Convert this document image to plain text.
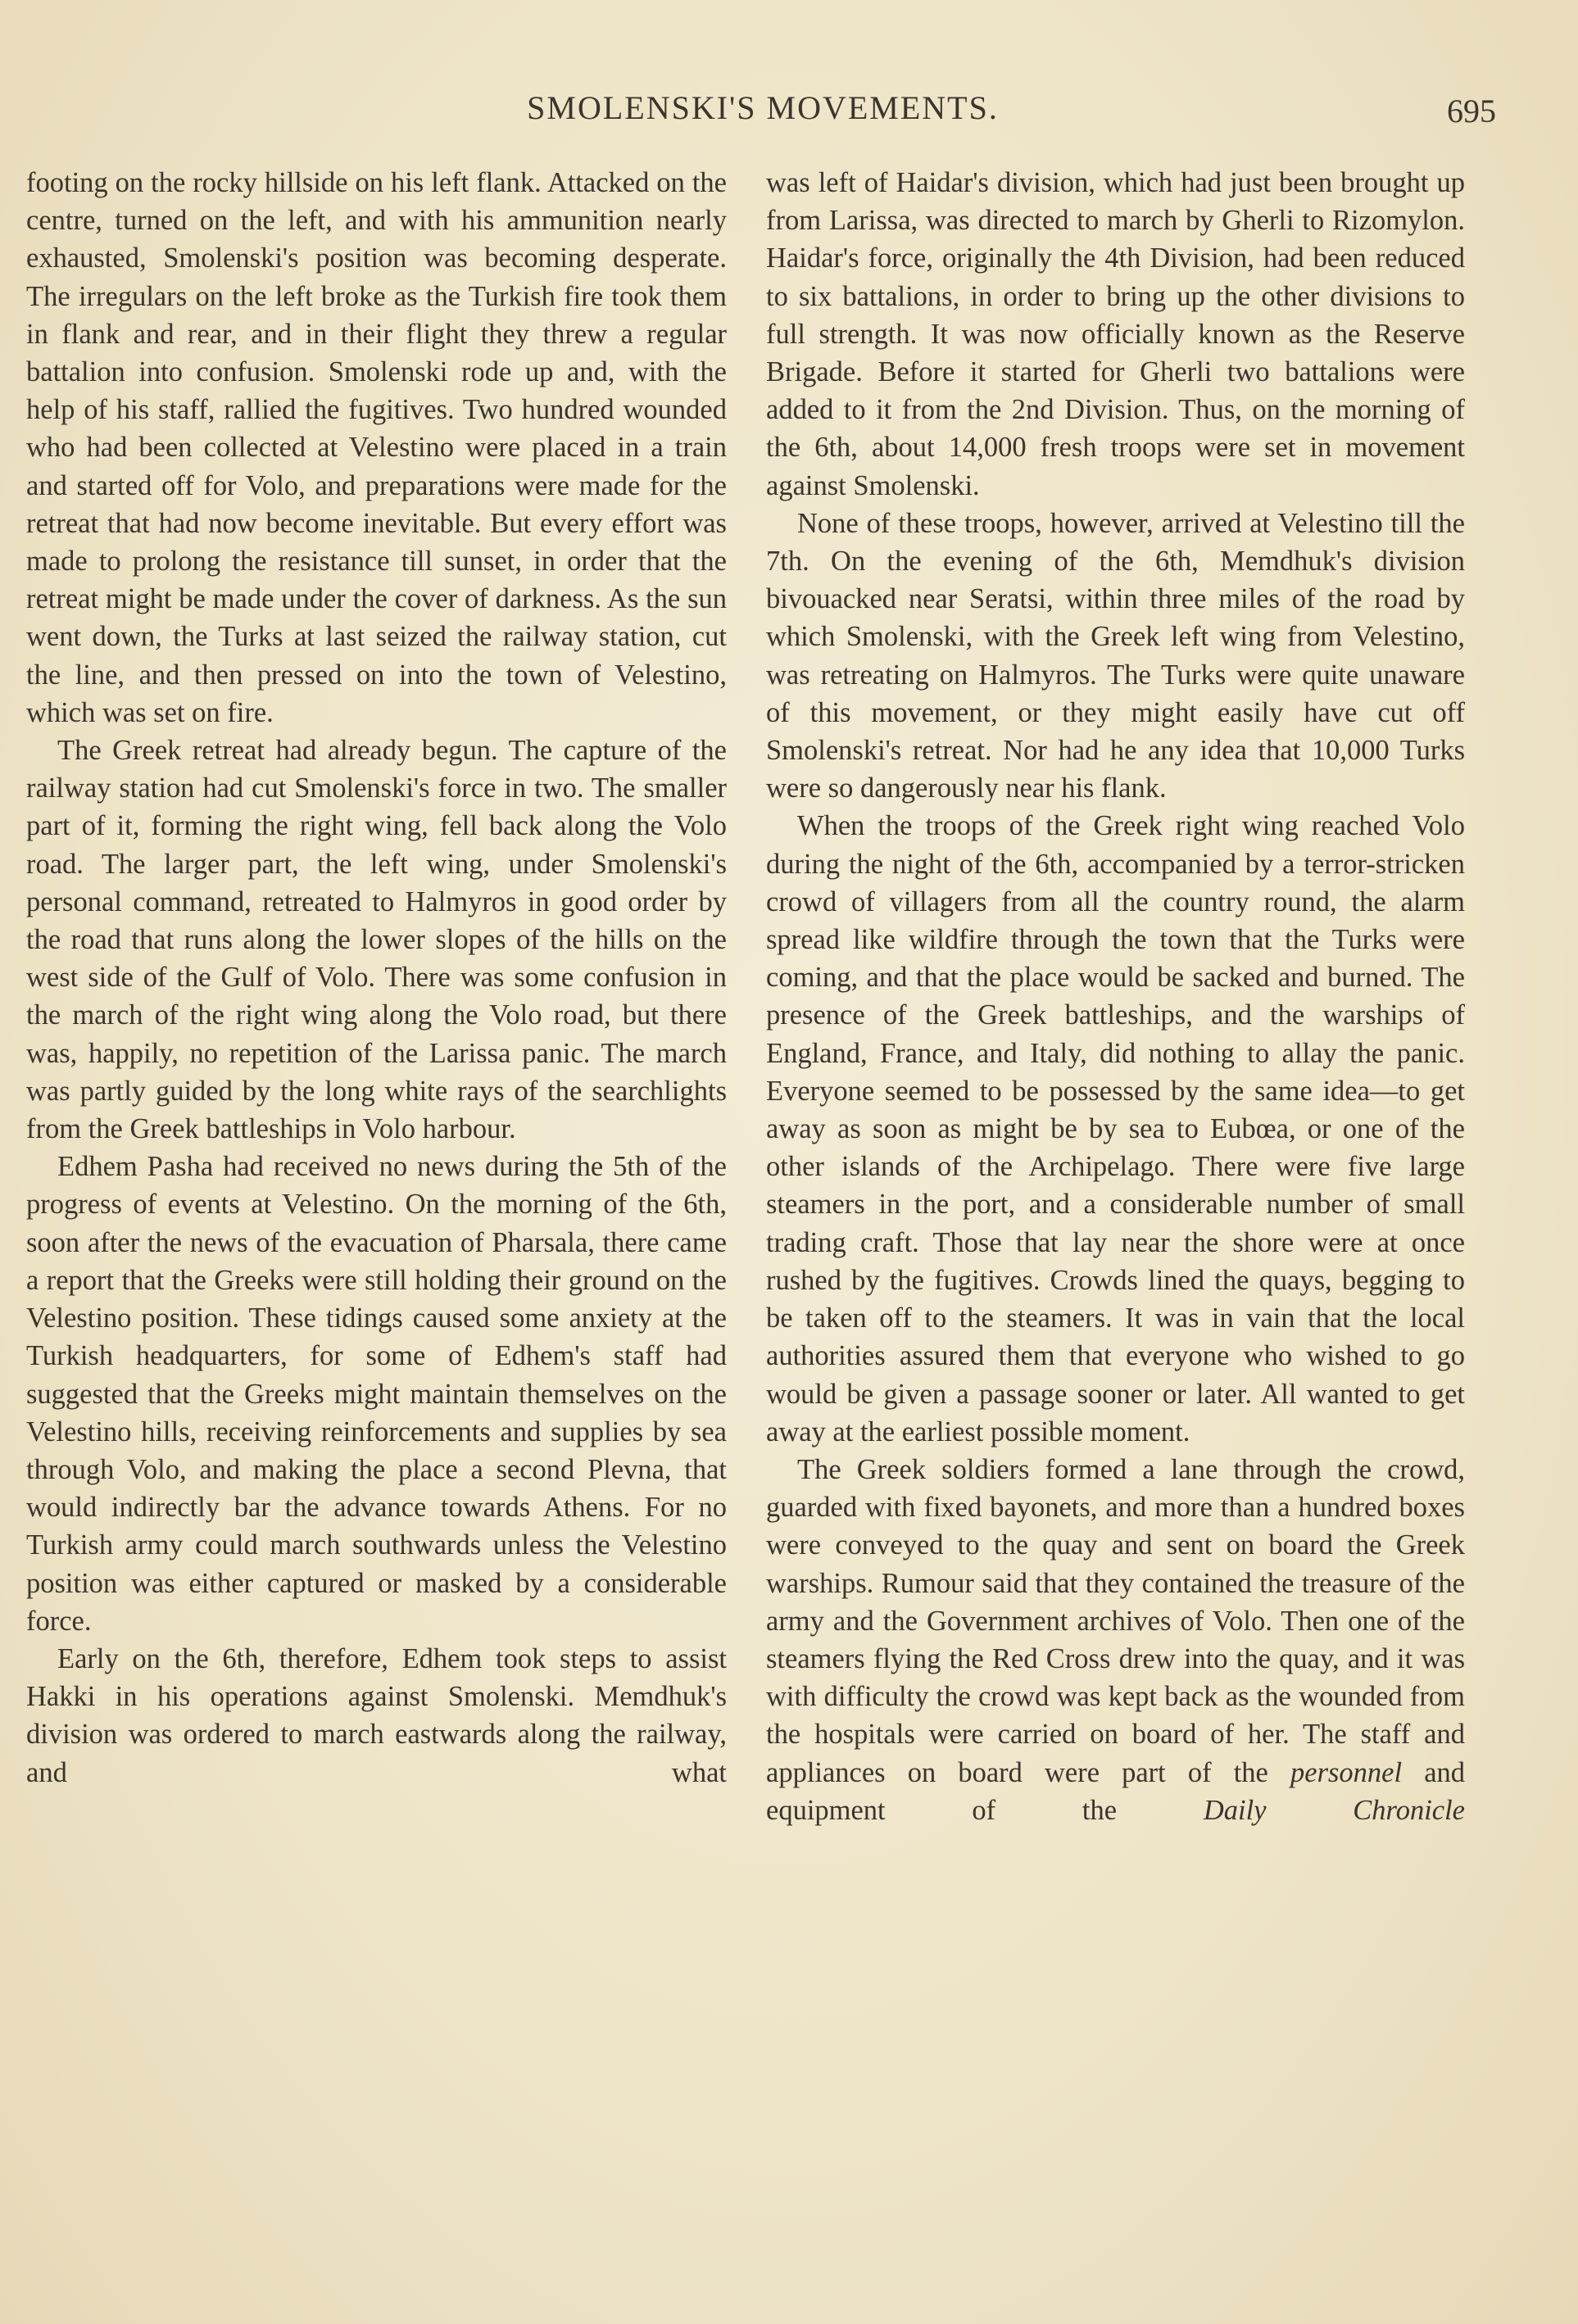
SMOLENSKI'S MOVEMENTS.	695

footing on the rocky hillside on his left flank. Attacked on the centre, turned on the left, and with his ammunition nearly exhausted, Smolenski's position was becoming desperate. The irregulars on the left broke as the Turkish fire took them in flank and rear, and in their flight they threw a regular battalion into confusion. Smolenski rode up and, with the help of his staff, rallied the fugitives. Two hundred wounded who had been collected at Velestino were placed in a train and started off for Volo, and preparations were made for the retreat that had now become inevitable. But every effort was made to prolong the resistance till sunset, in order that the retreat might be made under the cover of darkness. As the sun went down, the Turks at last seized the railway station, cut the line, and then pressed on into the town of Velestino, which was set on fire.

The Greek retreat had already begun. The capture of the railway station had cut Smolenski's force in two. The smaller part of it, forming the right wing, fell back along the Volo road. The larger part, the left wing, under Smolenski's personal command, retreated to Halmyros in good order by the road that runs along the lower slopes of the hills on the west side of the Gulf of Volo. There was some confusion in the march of the right wing along the Volo road, but there was, happily, no repetition of the Larissa panic. The march was partly guided by the long white rays of the searchlights from the Greek battleships in Volo harbour.

Edhem Pasha had received no news during the 5th of the progress of events at Velestino. On the morning of the 6th, soon after the news of the evacuation of Pharsala, there came a report that the Greeks were still holding their ground on the Velestino position. These tidings caused some anxiety at the Turkish headquarters, for some of Edhem's staff had suggested that the Greeks might maintain themselves on the Velestino hills, receiving reinforcements and supplies by sea through Volo, and making the place a second Plevna, that would indirectly bar the advance towards Athens. For no Turkish army could march southwards unless the Velestino position was either captured or masked by a considerable force.

Early on the 6th, therefore, Edhem took steps to assist Hakki in his operations against Smolenski. Memdhuk's division was ordered to march eastwards along the railway, and what

was left of Haidar's division, which had just been brought up from Larissa, was directed to march by Gherli to Rizomylon. Haidar's force, originally the 4th Division, had been reduced to six battalions, in order to bring up the other divisions to full strength. It was now officially known as the Reserve Brigade. Before it started for Gherli two battalions were added to it from the 2nd Division. Thus, on the morning of the 6th, about 14,000 fresh troops were set in movement against Smolenski.

None of these troops, however, arrived at Velestino till the 7th. On the evening of the 6th, Memdhuk's division bivouacked near Seratsi, within three miles of the road by which Smolenski, with the Greek left wing from Velestino, was retreating on Halmyros. The Turks were quite unaware of this movement, or they might easily have cut off Smolenski's retreat. Nor had he any idea that 10,000 Turks were so dangerously near his flank.

When the troops of the Greek right wing reached Volo during the night of the 6th, accompanied by a terror-stricken crowd of villagers from all the country round, the alarm spread like wildfire through the town that the Turks were coming, and that the place would be sacked and burned. The presence of the Greek battleships, and the warships of England, France, and Italy, did nothing to allay the panic. Everyone seemed to be possessed by the same idea—to get away as soon as might be by sea to Eubœa, or one of the other islands of the Archipelago. There were five large steamers in the port, and a considerable number of small trading craft. Those that lay near the shore were at once rushed by the fugitives. Crowds lined the quays, begging to be taken off to the steamers. It was in vain that the local authorities assured them that everyone who wished to go would be given a passage sooner or later. All wanted to get away at the earliest possible moment.

The Greek soldiers formed a lane through the crowd, guarded with fixed bayonets, and more than a hundred boxes were conveyed to the quay and sent on board the Greek warships. Rumour said that they contained the treasure of the army and the Government archives of Volo. Then one of the steamers flying the Red Cross drew into the quay, and it was with difficulty the crowd was kept back as the wounded from the hospitals were carried on board of her. The staff and appliances on board were part of the personnel and equipment of the	Daily Chronicle
